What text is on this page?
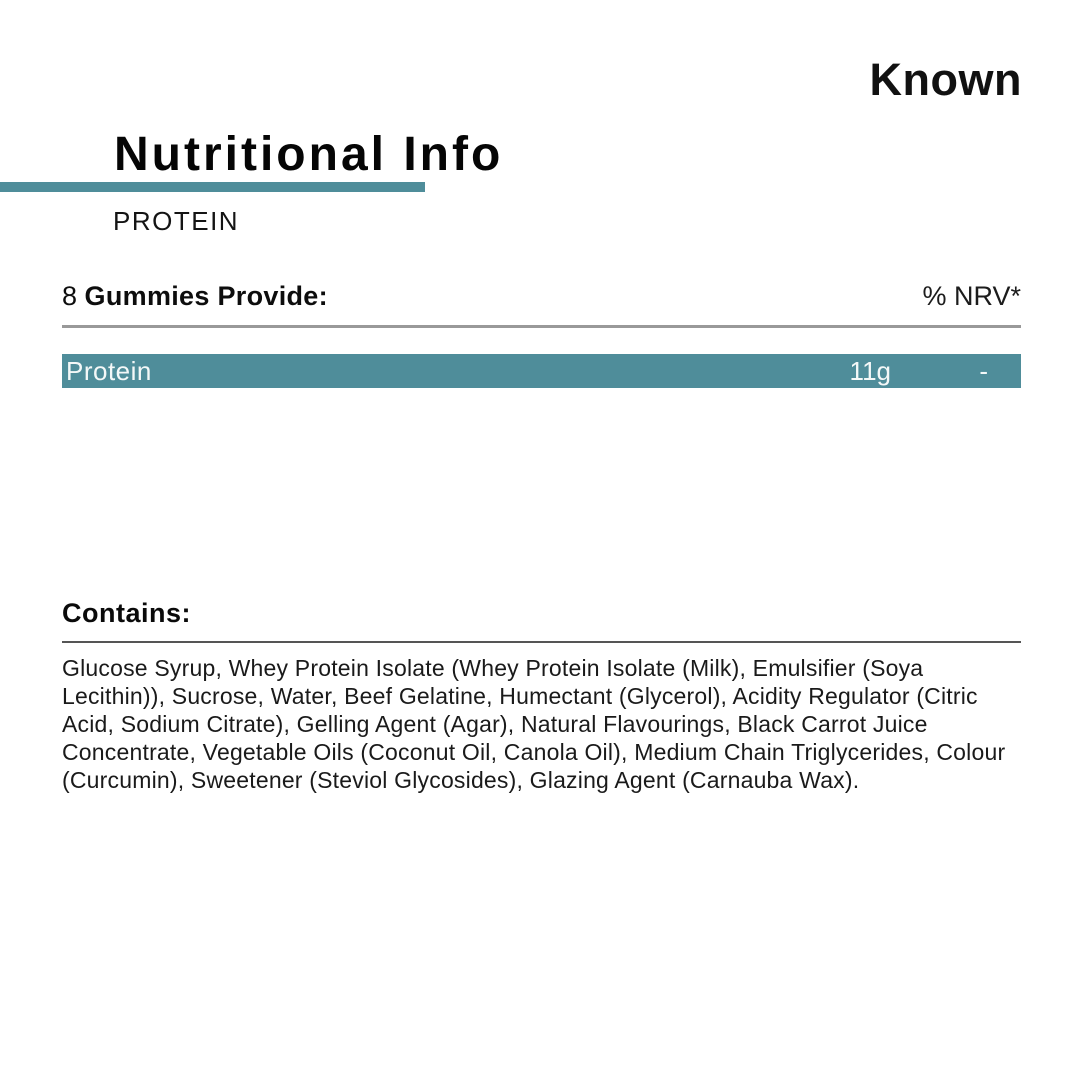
Known
Nutritional Info
PROTEIN
8 Gummies Provide:	% NRV*
Protein	11g	-
Contains:

Glucose Syrup, Whey Protein Isolate (Whey Protein Isolate (Milk), Emulsifier (Soya Lecithin)), Sucrose, Water, Beef Gelatine, Humectant (Glycerol), Acidity Regulator (Citric Acid, Sodium Citrate), Gelling Agent (Agar), Natural Flavourings, Black Carrot Juice Concentrate, Vegetable Oils (Coconut Oil, Canola Oil), Medium Chain Triglycerides, Colour (Curcumin), Sweetener (Steviol Glycosides), Glazing Agent (Carnauba Wax).
